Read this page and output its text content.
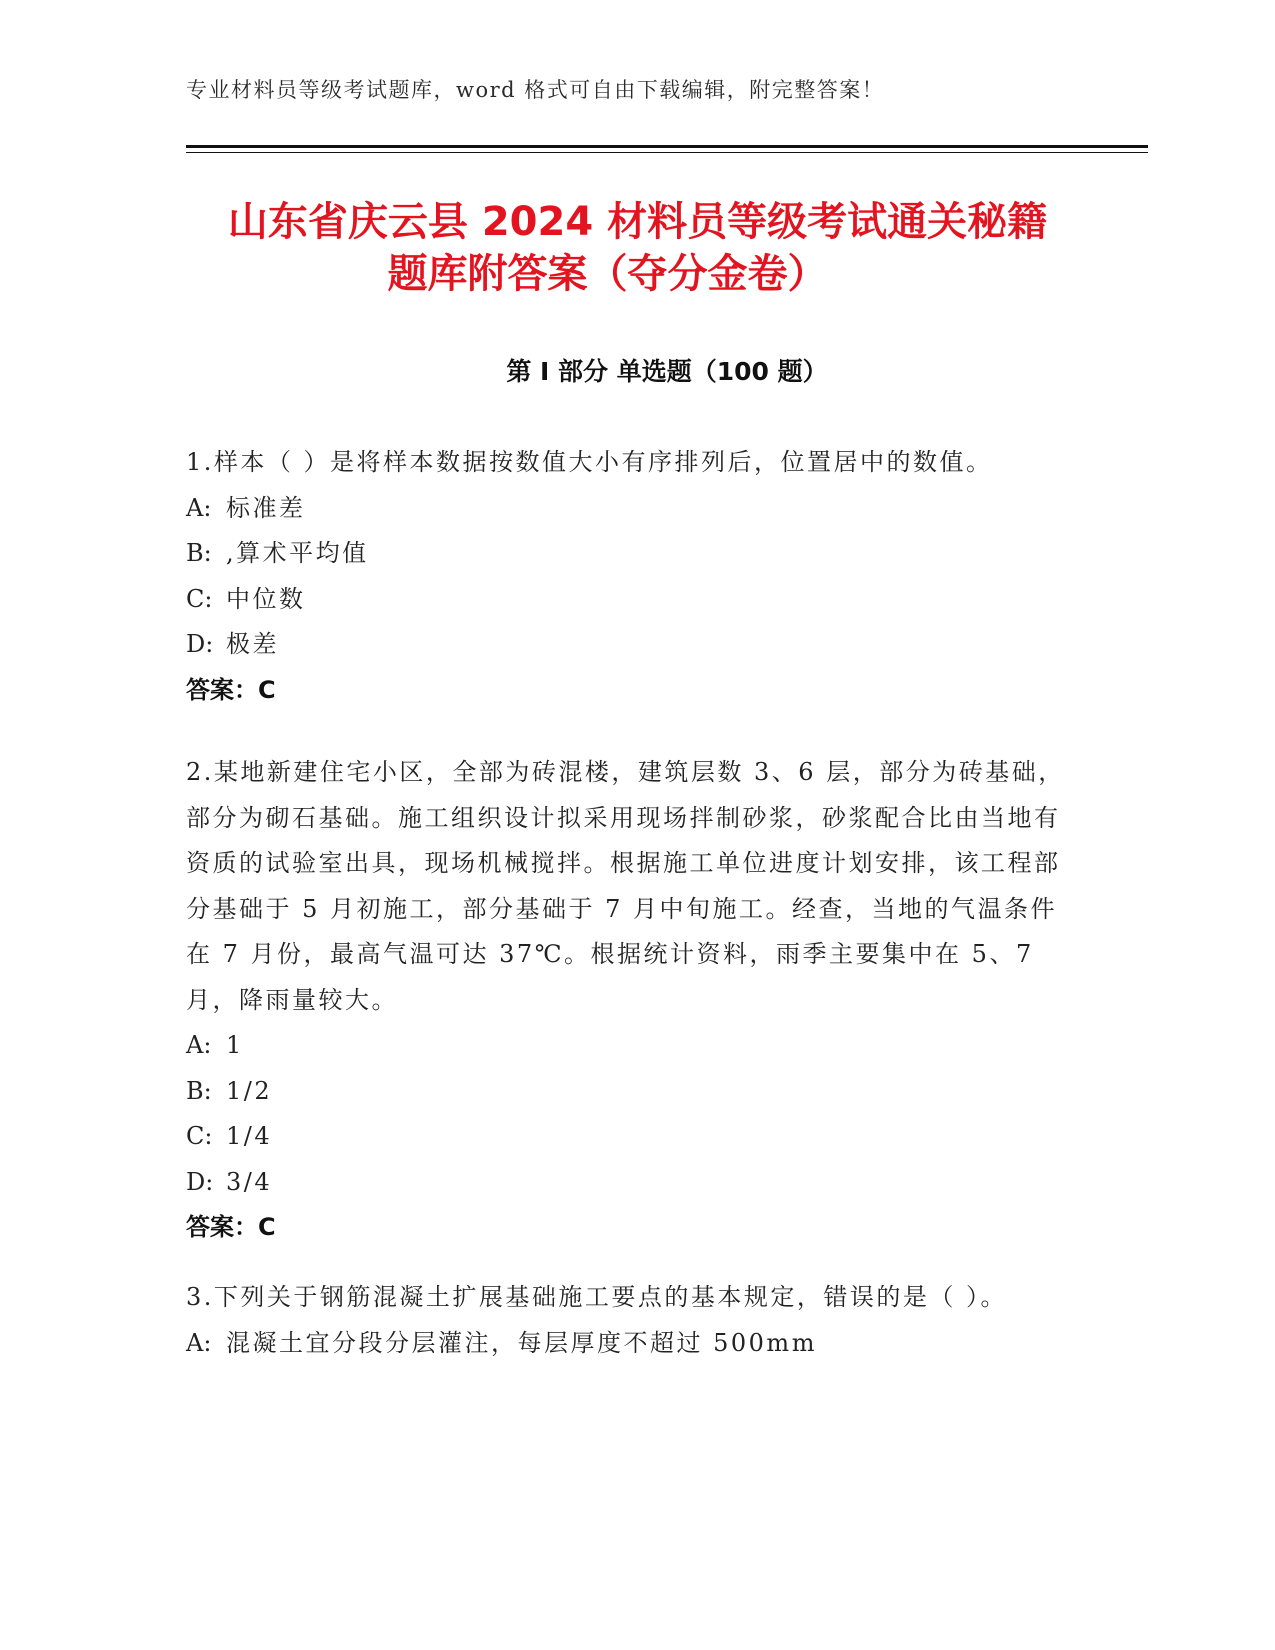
专业材料员等级考试题库，word 格式可自由下载编辑，附完整答案！
山东省庆云县 2024 材料员等级考试通关秘籍
题库附答案（夺分金卷）
第 I 部分 单选题（100 题）

1.样本（ ）是将样本数据按数值大小有序排列后，位置居中的数值。

A: 标准差

B: ,算术平均值

C: 中位数

D: 极差

答案：C

2.某地新建住宅小区，全部为砖混楼，建筑层数 3、6 层，部分为砖基础，部分为砌石基础。施工组织设计拟采用现场拌制砂浆，砂浆配合比由当地有资质的试验室出具，现场机械搅拌。根据施工单位进度计划安排，该工程部分基础于 5 月初施工，部分基础于 7 月中旬施工。经查，当地的气温条件在 7 月份，最高气温可达 37℃。根据统计资料，雨季主要集中在 5、7 月，降雨量较大。

A: 1

B: 1/2

C: 1/4

D: 3/4

答案：C

3.下列关于钢筋混凝土扩展基础施工要点的基本规定，错误的是（ ）。

A: 混凝土宜分段分层灌注，每层厚度不超过 500mm
